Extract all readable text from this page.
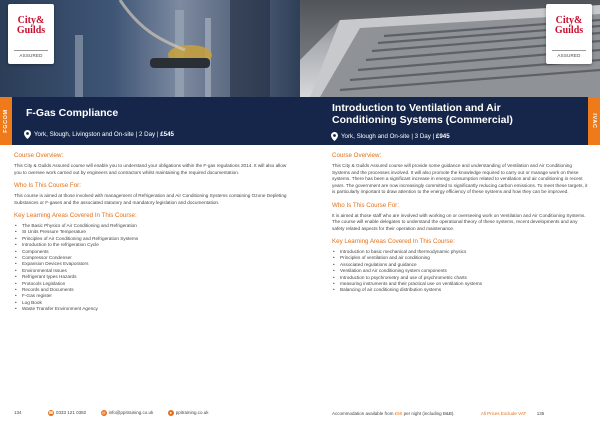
City&
Guilds
ASSURED
F-Gas Compliance
York, Slough, Livingston and On-site | 2 Day | £545
FGCOM
Course Overview:
This City & Guilds Assured course will enable you to understand your obligations within the F-gas regulations 2014. It will also allow you to oversee work carried out by engineers and contractors whilst maintaining the required documentation.
Who Is This Course For:
This course is aimed at those involved with management of Refrigeration and Air Conditioning Systems containing Ozone Depleting Substances or F-gases and the associated statutory and mandatory legislation and documentation.
Key Learning Areas Covered In This Course:
• The Basic Physics of Air Conditioning and Refrigeration
• SI Units Pressure Temperature
• Principles of Air Conditioning and Refrigeration Systems
• Introduction to the refrigeration Cycle
• Components
• Compressor Condenser
• Expansion Devices Evaporators
• Environmental Issues
• Refrigerant types Hazards
• Protocols Legislation
• Records and Documents
• F-Gas register
• Log Book
• Waste Transfer Environment Agency
134	☎ 0333 121 0382	@ info@ppitraining.co.uk	● ppitraining.co.uk
City&
Guilds
ASSURED
Introduction to Ventilation and Air
Conditioning Systems (Commercial)
York, Slough and On-site | 3 Day | £945
IVAC
Course Overview:
This City & Guilds Assured course will provide some guidance and understanding of Ventilation and Air Conditioning Systems and the processes involved. It will also promote the knowledge required to carry out or manage work on these systems. There has been a significant increase in energy consumption related to ventilation and air conditioning in recent years. The government are now increasingly committed to significantly reducing carbon emissions. To meet these targets, it is particularly important to draw attention to the energy efficiency of these systems and how they can be improved.
Who Is This Course For:
It is aimed at those staff who are involved with working on or overseeing work on Ventilation and Air Conditioning Systems. The course will enable delegates to understand the operational theory of these systems, recent developments and any safety related aspects for their operation and maintenance.
Key Learning Areas Covered In This Course:
• Introduction to basic mechanical and thermodynamic physics
• Principles of ventilation and air conditioning
• Associated regulations and guidance
• Ventilation and Air conditioning system components
• Introduction to psychrometry and use of psychrometric charts
• measuring instruments and their practical use on ventilation systems
• Balancing of air conditioning distribution systems
Accommodation available from £50 per night (including B&B).	All Prices Exclude VAT 135
